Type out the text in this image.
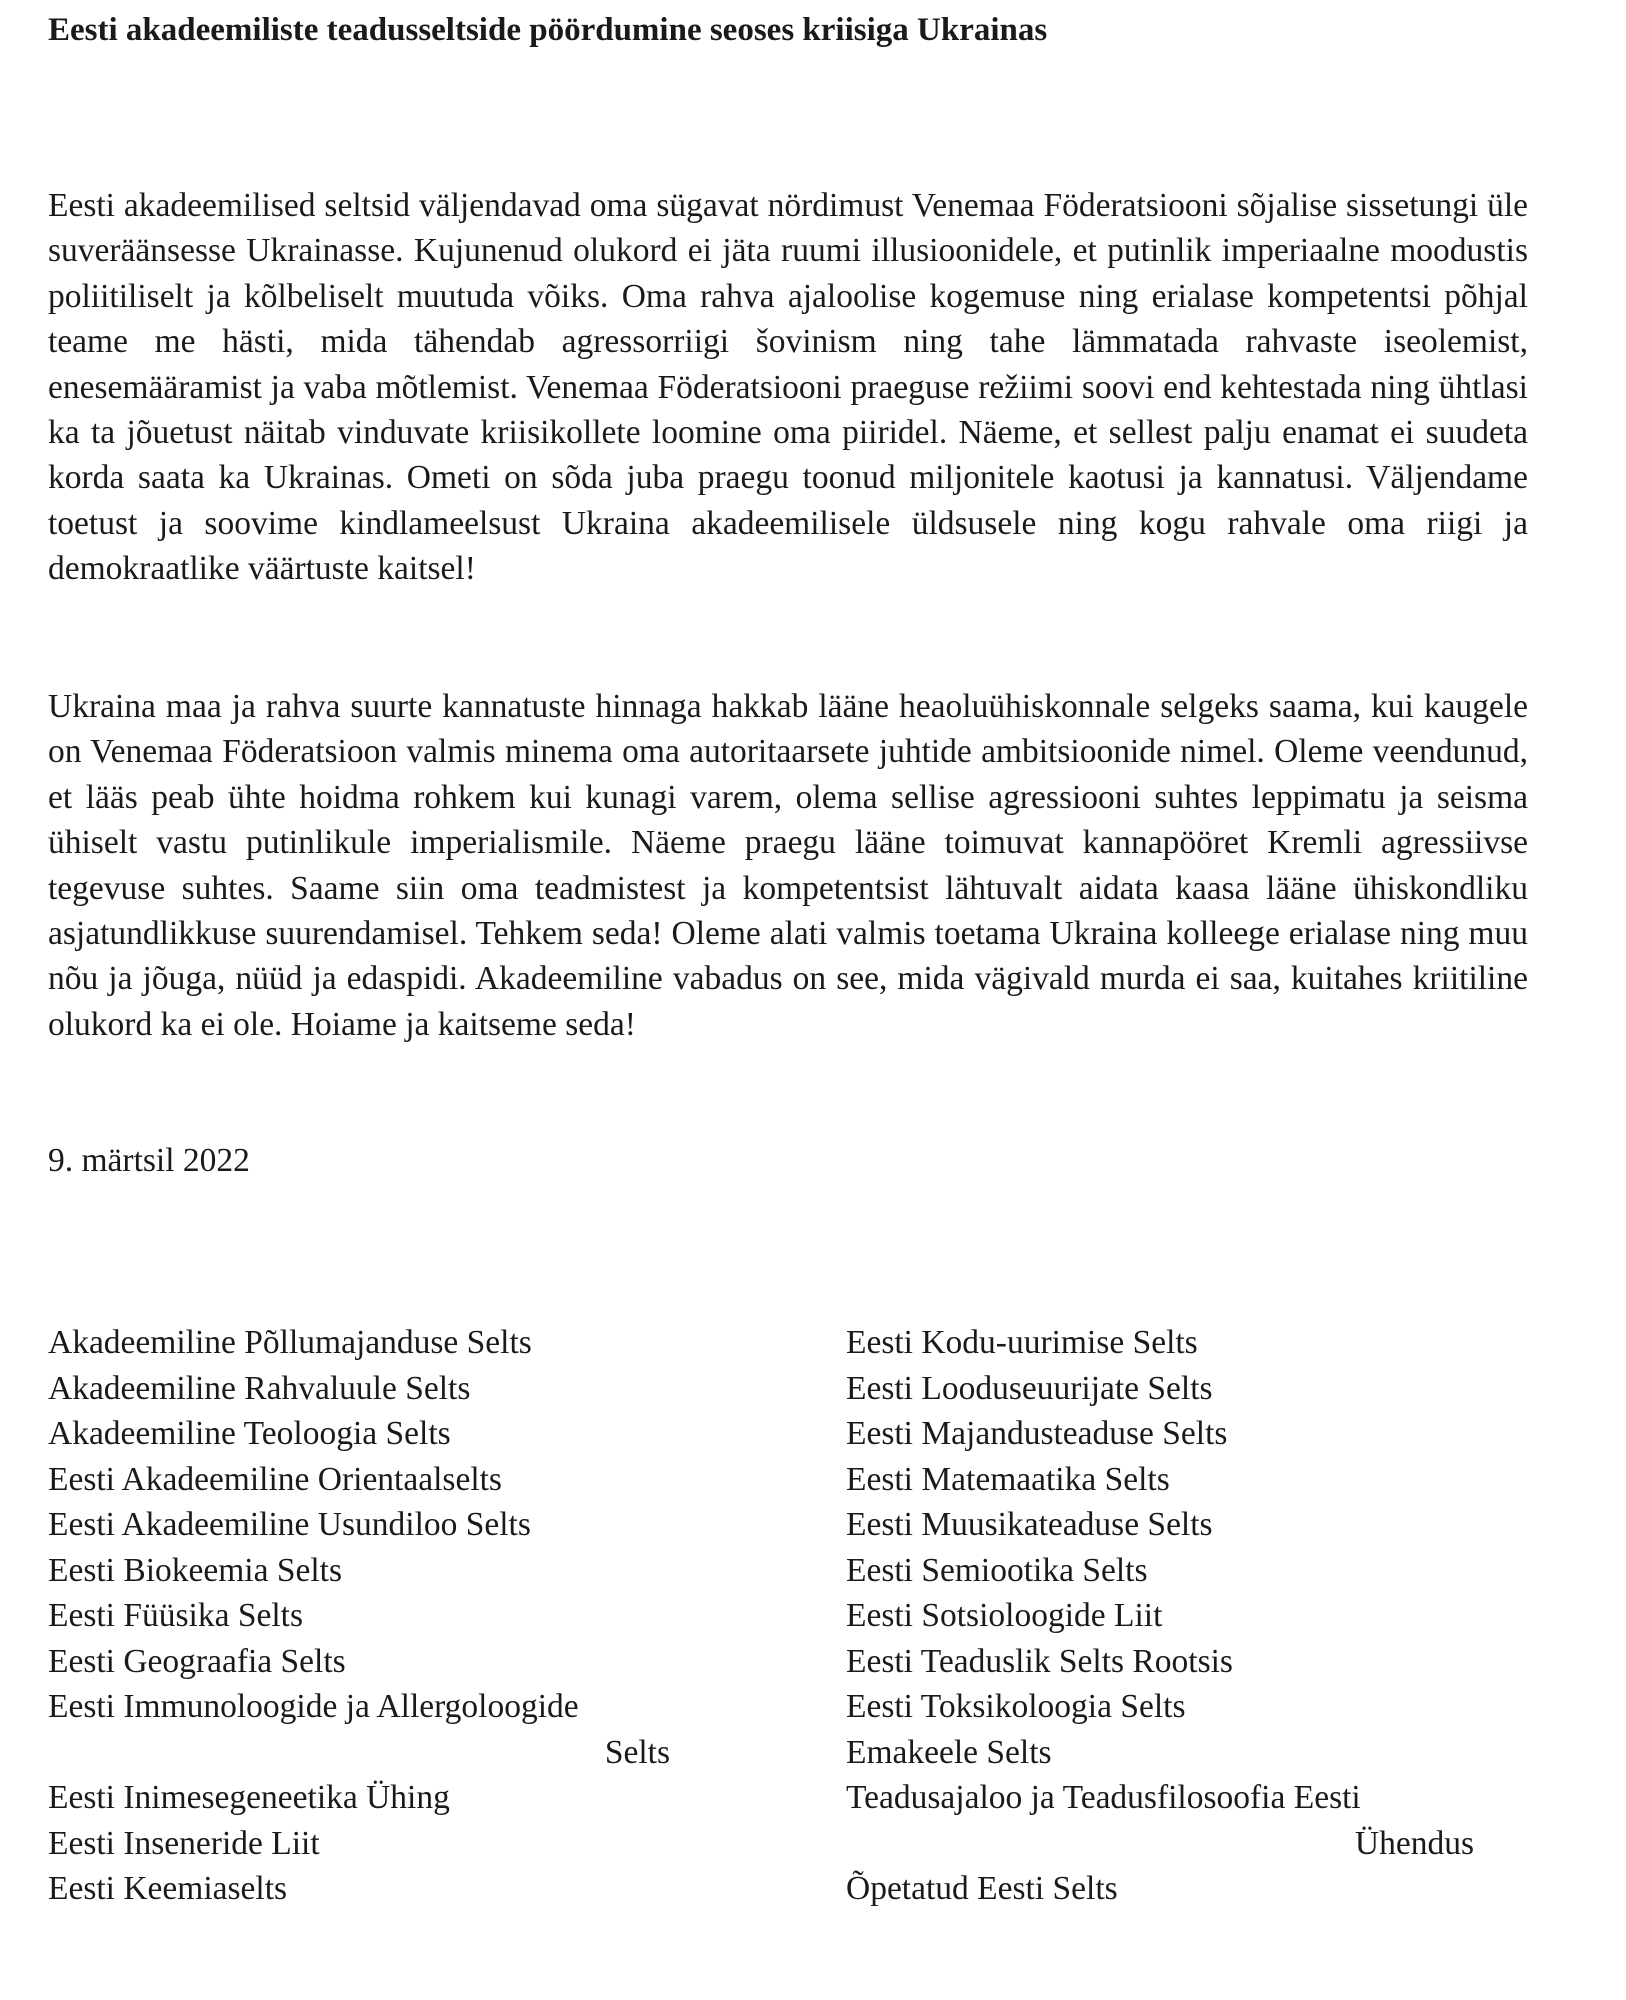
Eesti akadeemiliste teadusseltside pöördumine seoses kriisiga Ukrainas

Eesti akadeemilised seltsid väljendavad oma sügavat nördimust Venemaa Föderatsiooni sõjalise sissetungi üle suveräänsesse Ukrainasse. Kujunenud olukord ei jäta ruumi illusioonidele, et putinlik imperiaalne moodustis poliitiliselt ja kõlbeliselt muutuda võiks. Oma rahva ajaloolise kogemuse ning erialase kompetentsi põhjal teame me hästi, mida tähendab agressorriigi šovinism ning tahe lämmatada rahvaste iseolemist, enesemääramist ja vaba mõtlemist. Venemaa Föderatsiooni praeguse režiimi soovi end kehtestada ning ühtlasi ka ta jõuetust näitab vinduvate kriisikollete loomine oma piiridel. Näeme, et sellest palju enamat ei suudeta korda saata ka Ukrainas. Ometi on sõda juba praegu toonud miljonitele kaotusi ja kannatusi. Väljendame toetust ja soovime kindlameelsust Ukraina akadeemilisele üldsusele ning kogu rahvale oma riigi ja demokraatlike väärtuste kaitsel!

Ukraina maa ja rahva suurte kannatuste hinnaga hakkab lääne heaoluühiskonnale selgeks saama, kui kaugele on Venemaa Föderatsioon valmis minema oma autoritaarsete juhtide ambitsioonide nimel. Oleme veendunud, et lääs peab ühte hoidma rohkem kui kunagi varem, olema sellise agressiooni suhtes leppimatu ja seisma ühiselt vastu putinlikule imperialismile. Näeme praegu lääne toimuvat kannapööret Kremli agressiivse tegevuse suhtes. Saame siin oma teadmistest ja kompetentsist lähtuvalt aidata kaasa lääne ühiskondliku asjatundlikkuse suurendamisel. Tehkem seda! Oleme alati valmis toetama Ukraina kolleege erialase ning muu nõu ja jõuga, nüüd ja edaspidi. Akadeemiline vabadus on see, mida vägivald murda ei saa, kuitahes kriitiline olukord ka ei ole. Hoiame ja kaitseme seda!

9. märtsil 2022
Akadeemiline Põllumajanduse Selts
Akadeemiline Rahvaluule Selts
Akadeemiline Teoloogia Selts
Eesti Akadeemiline Orientaalselts
Eesti Akadeemiline Usundiloo Selts
Eesti Biokeemia Selts
Eesti Füüsika Selts
Eesti Geograafia Selts
Eesti Immunoloogide ja Allergoloogide
Selts
Eesti Inimesegeneetika Ühing
Eesti Inseneride Liit
Eesti Keemiaselts
Eesti Kodu-uurimise Selts
Eesti Looduseuurijate Selts
Eesti Majandusteaduse Selts
Eesti Matemaatika Selts
Eesti Muusikateaduse Selts
Eesti Semiootika Selts
Eesti Sotsioloogide Liit
Eesti Teaduslik Selts Rootsis
Eesti Toksikoloogia Selts
Emakeele Selts
Teadusajaloo ja Teadusfilosoofia Eesti
Ühendus
Õpetatud Eesti Selts
